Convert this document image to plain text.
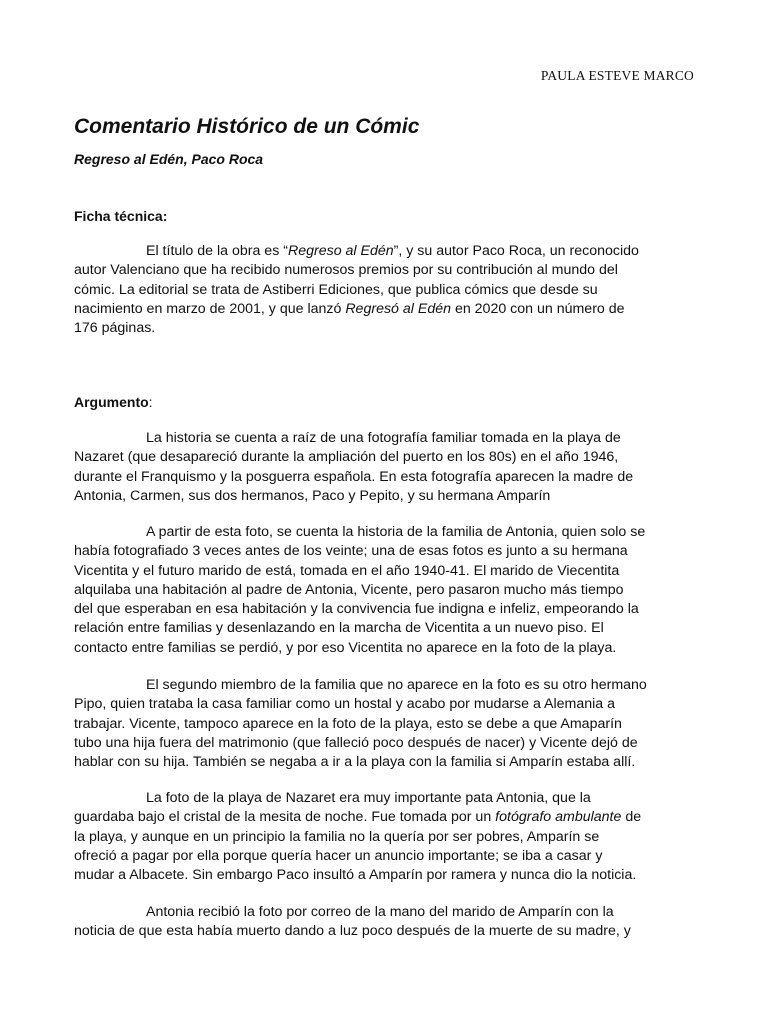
PAULA ESTEVE MARCO
Comentario Histórico de un Cómic
Regreso al Edén, Paco Roca
Ficha técnica:
El título de la obra es “Regreso al Edén”, y su autor Paco Roca, un reconocido
autor Valenciano que ha recibido numerosos premios por su contribución al mundo del
cómic. La editorial se trata de Astiberri Ediciones, que publica cómics que desde su
nacimiento en marzo de 2001, y que lanzó Regresó al Edén en 2020 con un número de
176 páginas.
Argumento:
La historia se cuenta a raíz de una fotografía familiar tomada en la playa de
Nazaret (que desapareció durante la ampliación del puerto en los 80s) en el año 1946,
durante el Franquismo y la posguerra española. En esta fotografía aparecen la madre de
Antonia, Carmen, sus dos hermanos, Paco y Pepito, y su hermana Amparín
A partir de esta foto, se cuenta la historia de la familia de Antonia, quien solo se
había fotografiado 3 veces antes de los veinte; una de esas fotos es junto a su hermana
Vicentita y el futuro marido de está, tomada en el año 1940-41. El marido de Viecentita
alquilaba una habitación al padre de Antonia, Vicente, pero pasaron mucho más tiempo
del que esperaban en esa habitación y la convivencia fue indigna e infeliz, empeorando la
relación entre familias y desenlazando en la marcha de Vicentita a un nuevo piso. El
contacto entre familias se perdió, y por eso Vicentita no aparece en la foto de la playa.
El segundo miembro de la familia que no aparece en la foto es su otro hermano
Pipo, quien trataba la casa familiar como un hostal y acabo por mudarse a Alemania a
trabajar. Vicente, tampoco aparece en la foto de la playa, esto se debe a que Amaparín
tubo una hija fuera del matrimonio (que falleció poco después de nacer) y Vicente dejó de
hablar con su hija. También se negaba a ir a la playa con la familia si Amparín estaba allí.
La foto de la playa de Nazaret era muy importante pata Antonia, que la
guardaba bajo el cristal de la mesita de noche. Fue tomada por un fotógrafo ambulante de
la playa, y aunque en un principio la familia no la quería por ser pobres, Amparín se
ofreció a pagar por ella porque quería hacer un anuncio importante; se iba a casar y
mudar a Albacete. Sin embargo Paco insultó a Amparín por ramera y nunca dio la noticia.
Antonia recibió la foto por correo de la mano del marido de Amparín con la
noticia de que esta había muerto dando a luz poco después de la muerte de su madre, y
